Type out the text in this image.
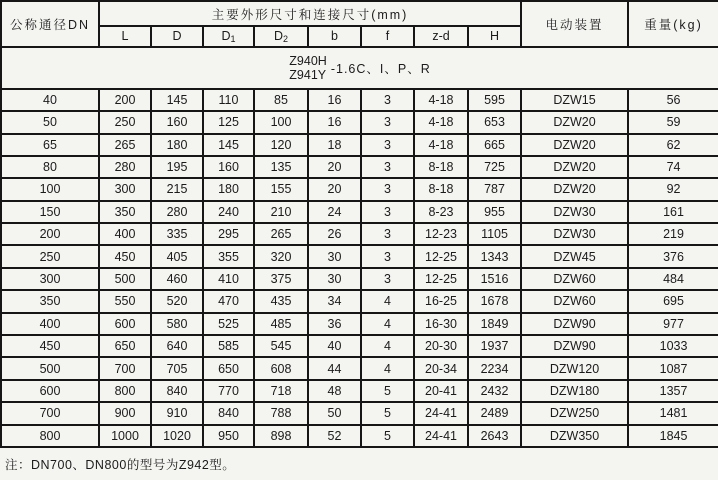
公称通径DN	主要外形尺寸和连接尺寸(mm)								电动装置	重量(kg)
	L	D	$D_1$	$D_2$	b	f	z-d	H		

Z940H
Z941Y -1.6C、I、P、R										

40	200	145	110	85	16	3	4-18	595	DZW15	56
50	250	160	125	100	16	3	4-18	653	DZW20	59
65	265	180	145	120	18	3	4-18	665	DZW20	62
80	280	195	160	135	20	3	8-18	725	DZW20	74
100	300	215	180	155	20	3	8-18	787	DZW20	92
150	350	280	240	210	24	3	8-23	955	DZW30	161
200	400	335	295	265	26	3	12-23	1105	DZW30	219
250	450	405	355	320	30	3	12-25	1343	DZW45	376
300	500	460	410	375	30	3	12-25	1516	DZW60	484
350	550	520	470	435	34	4	16-25	1678	DZW60	695
400	600	580	525	485	36	4	16-30	1849	DZW90	977
450	650	640	585	545	40	4	20-30	1937	DZW90	1033
500	700	705	650	608	44	4	20-34	2234	DZW120	1087
600	800	840	770	718	48	5	20-41	2432	DZW180	1357
700	900	910	840	788	50	5	24-41	2489	DZW250	1481
800	1000	1020	950	898	52	5	24-41	2643	DZW350	1845
注：DN700、DN800的型号为Z942型。
